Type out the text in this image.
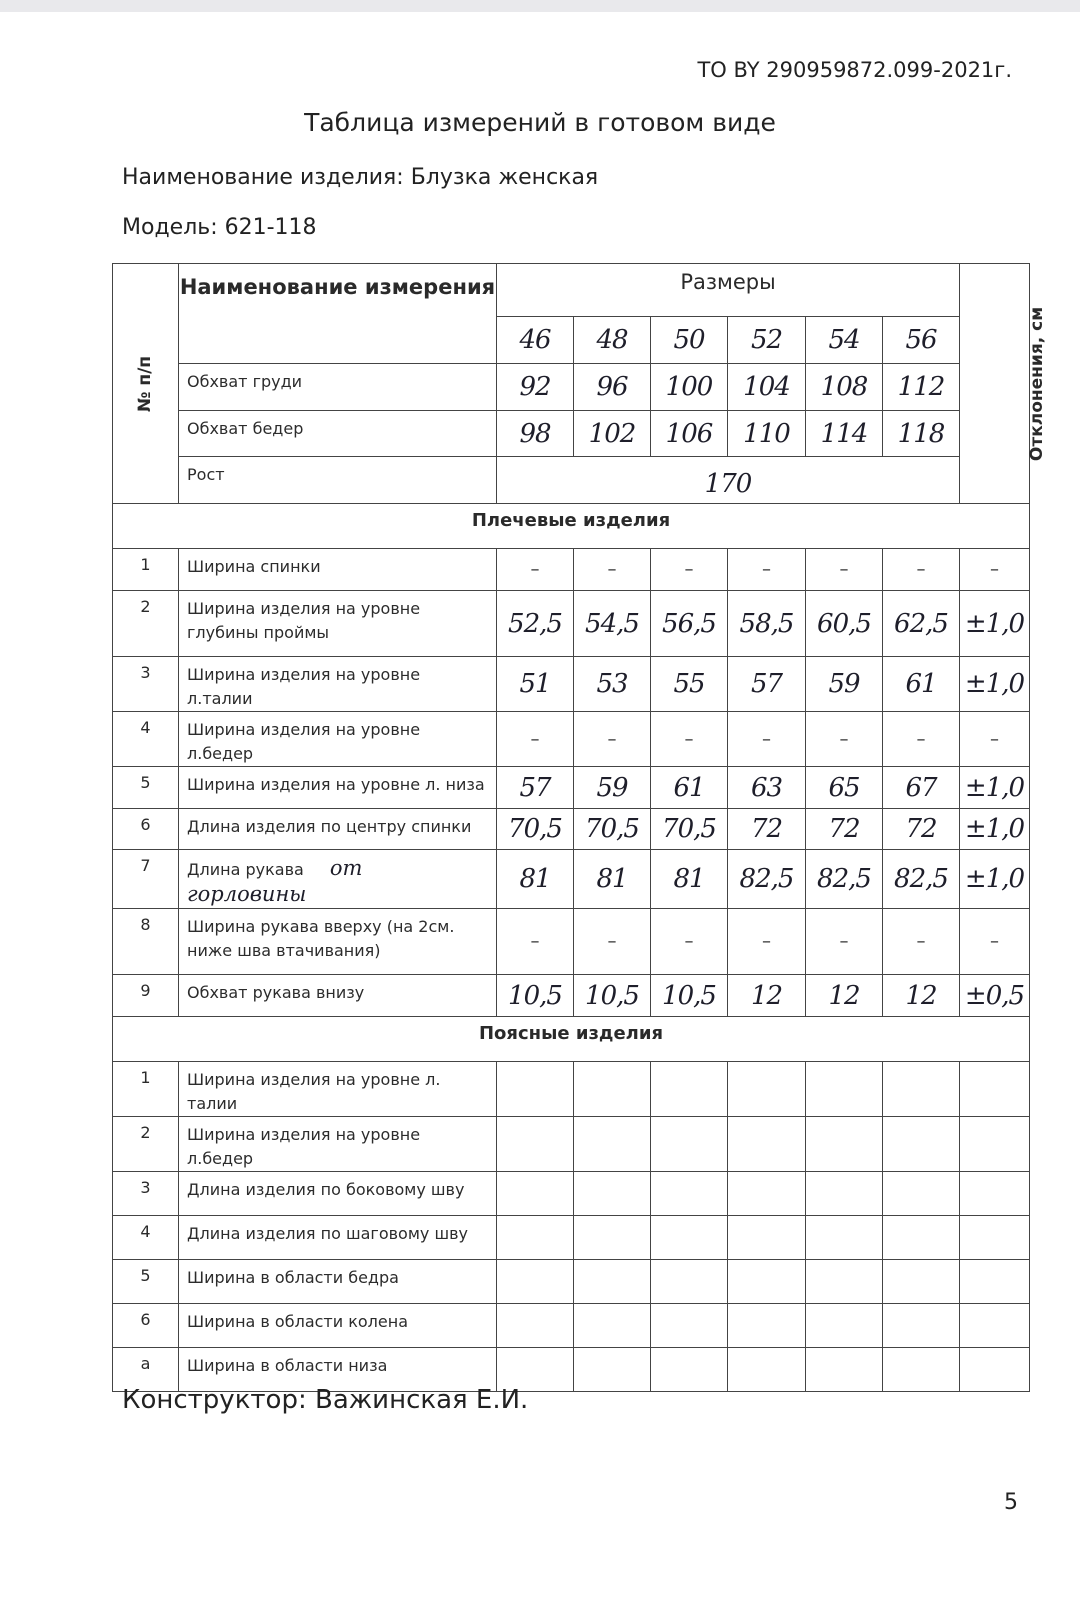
ТО BY 290959872.099-2021г.
Таблица измерений в готовом виде
Наименование изделия: Блузка женская
Модель: 621-118
№ п/п	Наименование измерения	Размеры						Отклонения, см
		46	48	50	52	54	56	
	Обхват груди	92	96	100	104	108	112	
	Обхват бедер	98	102	106	110	114	118	
	Рост	170						
Плечевые изделия								
1	Ширина спинки	–	–	–	–	–	–	–
2	Ширина изделия на уровне глубины проймы	52,5	54,5	56,5	58,5	60,5	62,5	±1,0
3	Ширина изделия на уровне л.талии	51	53	55	57	59	61	±1,0
4	Ширина изделия на уровне л.бедер	–	–	–	–	–	–	–
5	Ширина изделия на уровне л. низа	57	59	61	63	65	67	±1,0
6	Длина изделия по центру спинки	70,5	70,5	70,5	72	72	72	±1,0
7	Длина рукава от горловины	81	81	81	82,5	82,5	82,5	±1,0
8	Ширина рукава вверху (на 2см. ниже шва втачивания)	–	–	–	–	–	–	–
9	Обхват рукава внизу	10,5	10,5	10,5	12	12	12	±0,5
Поясные изделия								
1	Ширина изделия на уровне л. талии							
2	Ширина изделия на уровне л.бедер							
3	Длина изделия по боковому шву							
4	Длина изделия по шаговому шву							
5	Ширина в области бедра							
6	Ширина в области колена							
а	Ширина в области низа							
Конструктор: Важинская Е.И.
5
